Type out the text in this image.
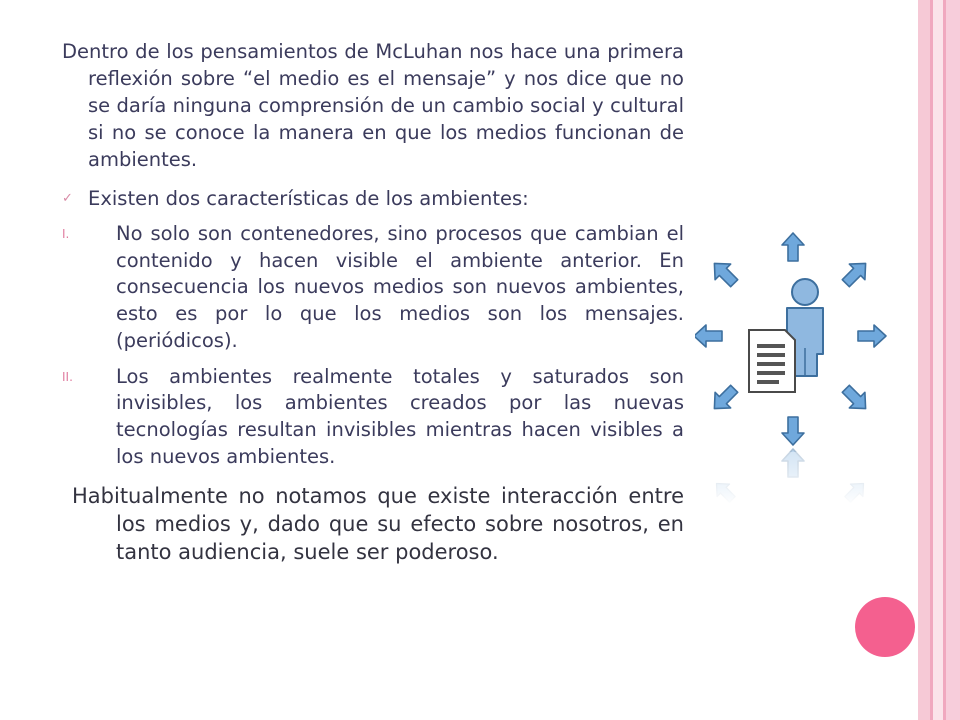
Dentro de los pensamientos de McLuhan nos hace una primera reflexión sobre “el medio es el mensaje” y nos dice que no se daría ninguna comprensión de un cambio social y cultural si no se conoce la manera en que los medios funcionan de ambientes.

✓ Existen dos características de los ambientes:
I. No solo son contenedores, sino procesos que cambian el contenido y hacen visible el ambiente anterior. En consecuencia los nuevos medios son nuevos ambientes, esto es por lo que los medios son los mensajes. (periódicos).
II. Los ambientes realmente totales y saturados son invisibles, los ambientes creados por las nuevas tecnologías resultan invisibles mientras hacen visibles a los nuevos ambientes.

Habitualmente no notamos que existe interacción entre los medios y, dado que su efecto sobre nosotros, en tanto audiencia, suele ser poderoso.
